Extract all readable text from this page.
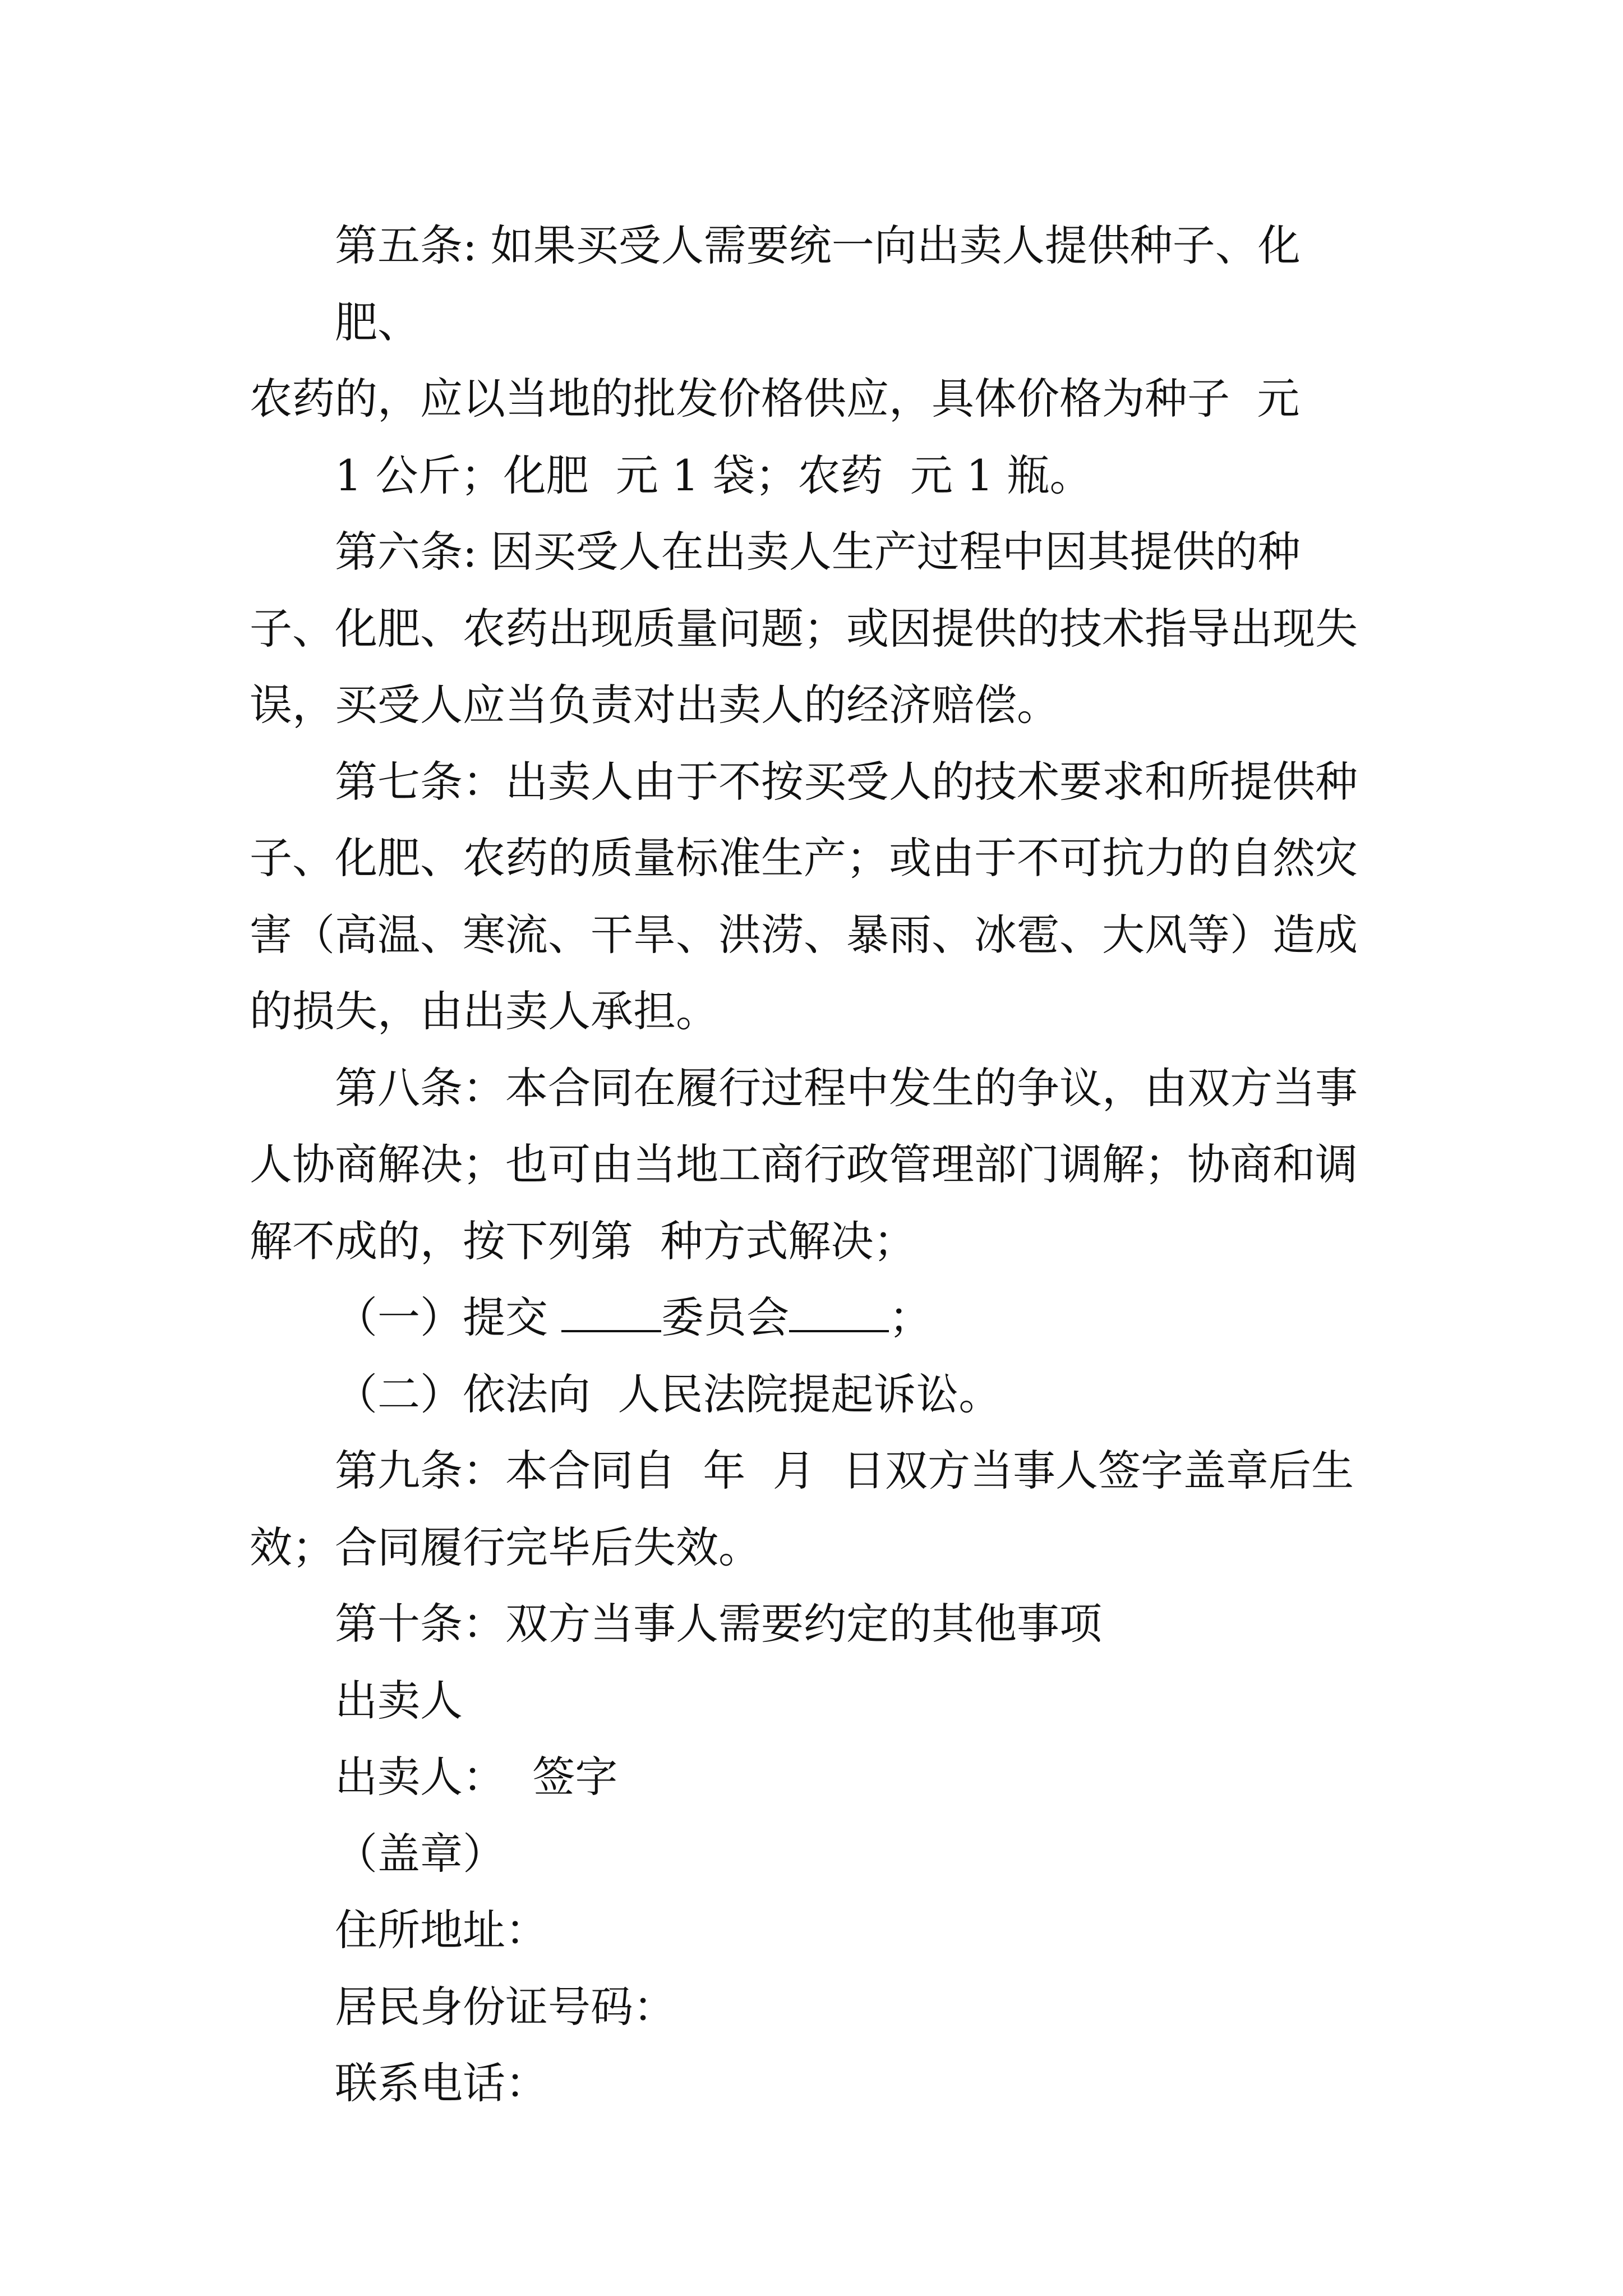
第五条: 如果买受人需要统一向出卖人提供种子、化肥、

农药的，应以当地的批发价格供应，具体价格为种子  元

1 公斤；化肥  元 1 袋；农药  元 1 瓶。

第六条: 因买受人在出卖人生产过程中因其提供的种子、化肥、农药出现质量问题；或因提供的技术指导出现失误，买受人应当负责对出卖人的经济赔偿。

第七条：出卖人由于不按买受人的技术要求和所提供种子、化肥、农药的质量标准生产；或由于不可抗力的自然灾害（高温、寒流、干旱、洪涝、暴雨、冰雹、大风等）造成的损失，由出卖人承担。

第八条：本合同在履行过程中发生的争议，由双方当事人协商解决；也可由当地工商行政管理部门调解；协商和调解不成的，按下列第  种方式解决；

（一）提交 委员会 ；

（二）依法向  人民法院提起诉讼。

第九条：本合同自  年  月  日双方当事人签字盖章后生效；合同履行完毕后失效。

第十条：双方当事人需要约定的其他事项

出卖人

出卖人：  签字

（盖章）

住所地址：

居民身份证号码：

联系电话：
